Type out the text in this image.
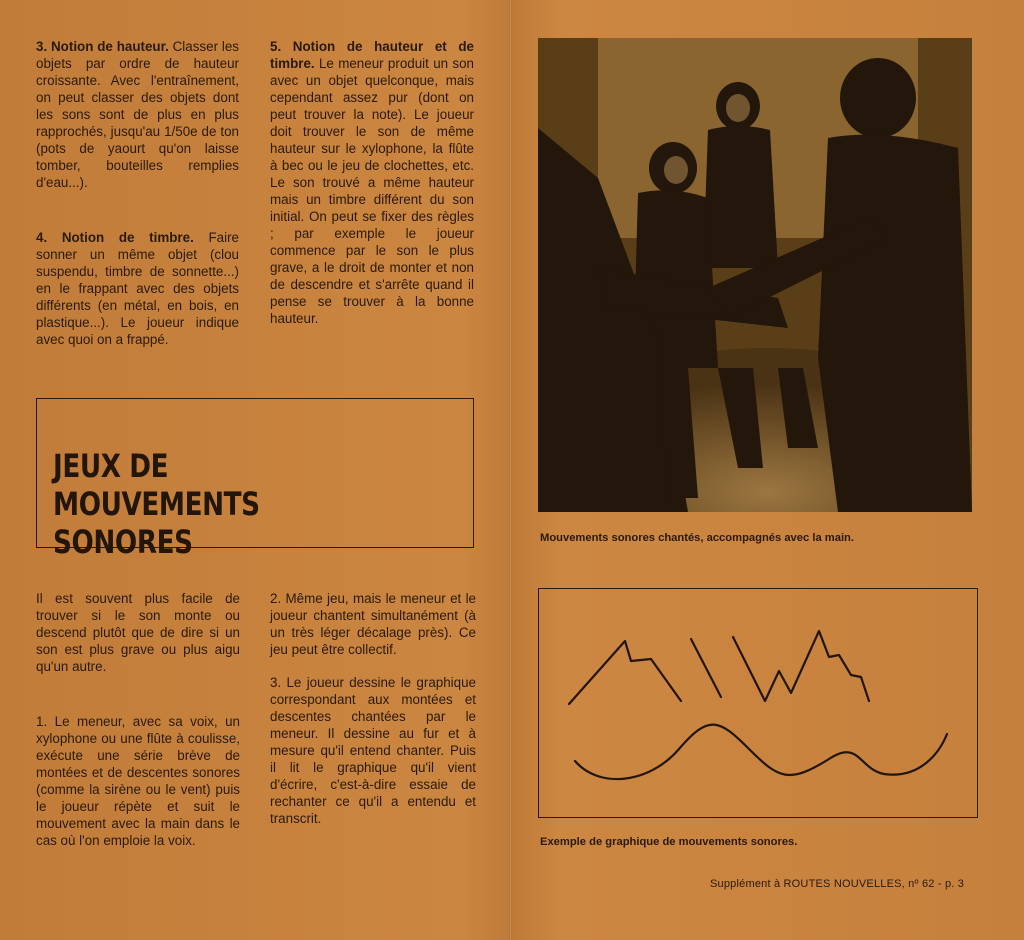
3. Notion de hauteur. Classer les objets par ordre de hauteur croissante. Avec l'entraînement, on peut classer des objets dont les sons sont de plus en plus rapprochés, jusqu'au 1/50e de ton (pots de yaourt qu'on laisse tomber, bouteilles remplies d'eau...).

4. Notion de timbre. Faire sonner un même objet (clou suspendu, timbre de sonnette...) en le frappant avec des objets différents (en métal, en bois, en plastique...). Le joueur indique avec quoi on a frappé.

5. Notion de hauteur et de timbre. Le meneur produit un son avec un objet quelconque, mais cependant assez pur (dont on peut trouver la note). Le joueur doit trouver le son de même hauteur sur le xylophone, la flûte à bec ou le jeu de clochettes, etc. Le son trouvé a même hauteur mais un timbre différent du son initial. On peut se fixer des règles ; par exemple le joueur commence par le son le plus grave, a le droit de monter et non de descendre et s'arrête quand il pense se trouver à la bonne hauteur.

JEUX DE
MOUVEMENTS SONORES

Il est souvent plus facile de trouver si le son monte ou descend plutôt que de dire si un son est plus grave ou plus aigu qu'un autre.

1. Le meneur, avec sa voix, un xylophone ou une flûte à coulisse, exécute une série brève de montées et de descentes sonores (comme la sirène ou le vent) puis le joueur répète et suit le mouvement avec la main dans le cas où l'on emploie la voix.

2. Même jeu, mais le meneur et le joueur chantent simultanément (à un très léger décalage près). Ce jeu peut être collectif.

3. Le joueur dessine le graphique correspondant aux montées et descentes chantées par le meneur. Il dessine au fur et à mesure qu'il entend chanter. Puis il lit le graphique qu'il vient d'écrire, c'est-à-dire essaie de rechanter ce qu'il a entendu et transcrit.

Mouvements sonores chantés, accompagnés avec la main.
Exemple de graphique de mouvements sonores.
Supplément à ROUTES NOUVELLES, nº 62 - p. 3
